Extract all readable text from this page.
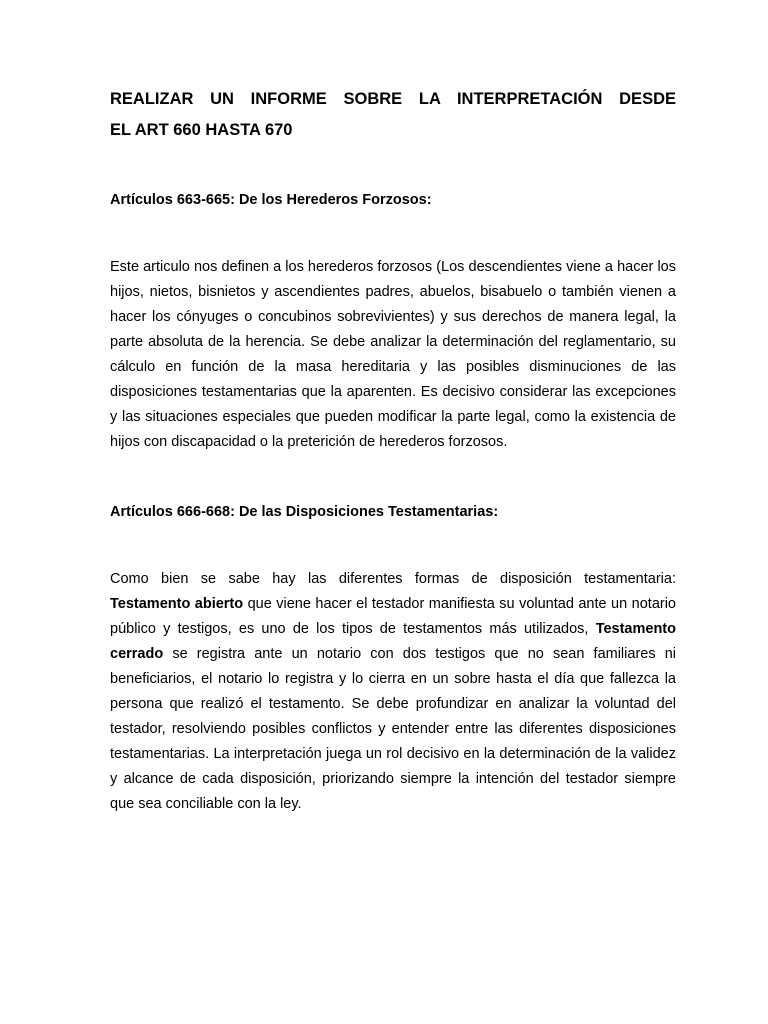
REALIZAR UN INFORME SOBRE LA INTERPRETACIÓN DESDE
EL ART 660 HASTA 670
Artículos 663-665: De los Herederos Forzosos:

Este articulo nos definen a los herederos forzosos (Los descendientes viene a hacer los hijos, nietos, bisnietos y ascendientes padres, abuelos, bisabuelo o también vienen a hacer los cónyuges o concubinos sobrevivientes) y sus derechos de manera legal, la parte absoluta de la herencia. Se debe analizar la determinación del reglamentario, su cálculo en función de la masa hereditaria y las posibles disminuciones de las disposiciones testamentarias que la aparenten. Es decisivo considerar las excepciones y las situaciones especiales que pueden modificar la parte legal, como la existencia de hijos con discapacidad o la preterición de herederos forzosos.

Artículos 666-668: De las Disposiciones Testamentarias:

Como bien se sabe hay las diferentes formas de disposición testamentaria: Testamento abierto que viene hacer el testador manifiesta su voluntad ante un notario público y testigos, es uno de los tipos de testamentos más utilizados, Testamento cerrado se registra ante un notario con dos testigos que no sean familiares ni beneficiarios, el notario lo registra y lo cierra en un sobre hasta el día que fallezca la persona que realizó el testamento. Se debe profundizar en analizar la voluntad del testador, resolviendo posibles conflictos y entender entre las diferentes disposiciones testamentarias. La interpretación juega un rol decisivo en la determinación de la validez y alcance de cada disposición, priorizando siempre la intención del testador siempre que sea conciliable con la ley.
